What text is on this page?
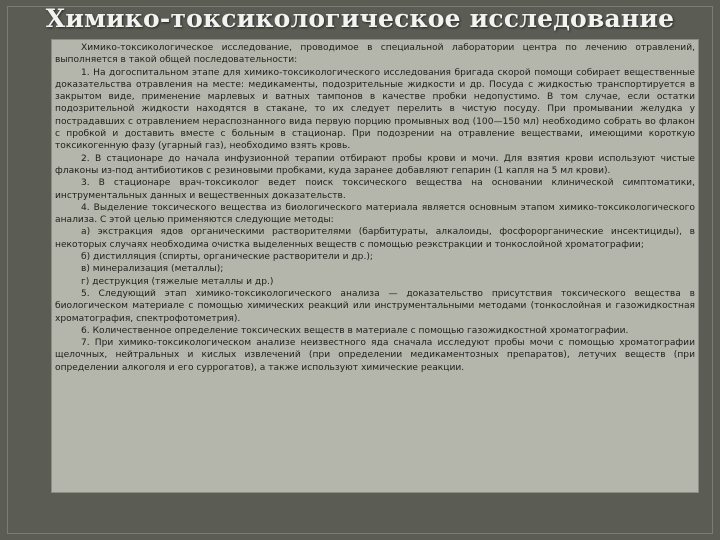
Химико-токсикологическое исследование

Химико-токсикологическое исследование, проводимое в специальной лаборатории центра по лечению отравлений, выполняется в такой общей последовательности:

1. На догоспитальном этапе для химико-токсикологического исследования бригада скорой помощи собирает вещественные доказательства отравления на месте: медикаменты, подозрительные жидкости и др. Посуда с жидкостью транспортируется в закрытом виде, применение марлевых и ватных тампонов в качестве пробки недопустимо. В том случае, если остатки подозрительной жидкости находятся в стакане, то их следует перелить в чистую посуду. При промывании желудка у пострадавших с отравлением нераспознанного вида первую порцию промывных вод (100—150 мл) необходимо собрать во флакон с пробкой и доставить вместе с больным в стационар. При подозрении на отравление веществами, имеющими короткую токсикогенную фазу (угарный газ), необходимо взять кровь.

2. В стационаре до начала инфузионной терапии отбирают пробы крови и мочи. Для взятия крови используют чистые флаконы из-под антибиотиков с резиновыми пробками, куда заранее добавляют гепарин (1 капля на 5 мл крови).

3. В стационаре врач-токсиколог ведет поиск токсического вещества на основании клинической симптоматики, инструментальных данных и вещественных доказательств.

4. Выделение токсического вещества из биологического материала является основным этапом химико-токсикологического анализа. С этой целью применяются следующие методы:

а) экстракция ядов органическими растворителями (барбитураты, алкалоиды, фосфорорганические инсектициды), в некоторых случаях необходима очистка выделенных веществ с помощью реэкстракции и тонкослойной хроматографии;

б) дистилляция (спирты, органические растворители и др.);

в) минерализация (металлы);

г) деструкция (тяжелые металлы и др.)

5. Следующий этап химико-токсикологического анализа — доказательство присутствия токсического вещества в биологическом материале с помощью химических реакций или инструментальными методами (тонкослойная и газожидкостная хроматография, спектрофотометрия).

6. Количественное определение токсических веществ в материале с помощью газожидкостной хроматографии.

7. При химико-токсикологическом анализе неизвестного яда сначала исследуют пробы мочи с помощью хроматографии щелочных, нейтральных и кислых извлечений (при определении медикаментозных препаратов), летучих веществ (при определении алкоголя и его суррогатов), а также используют химические реакции.
